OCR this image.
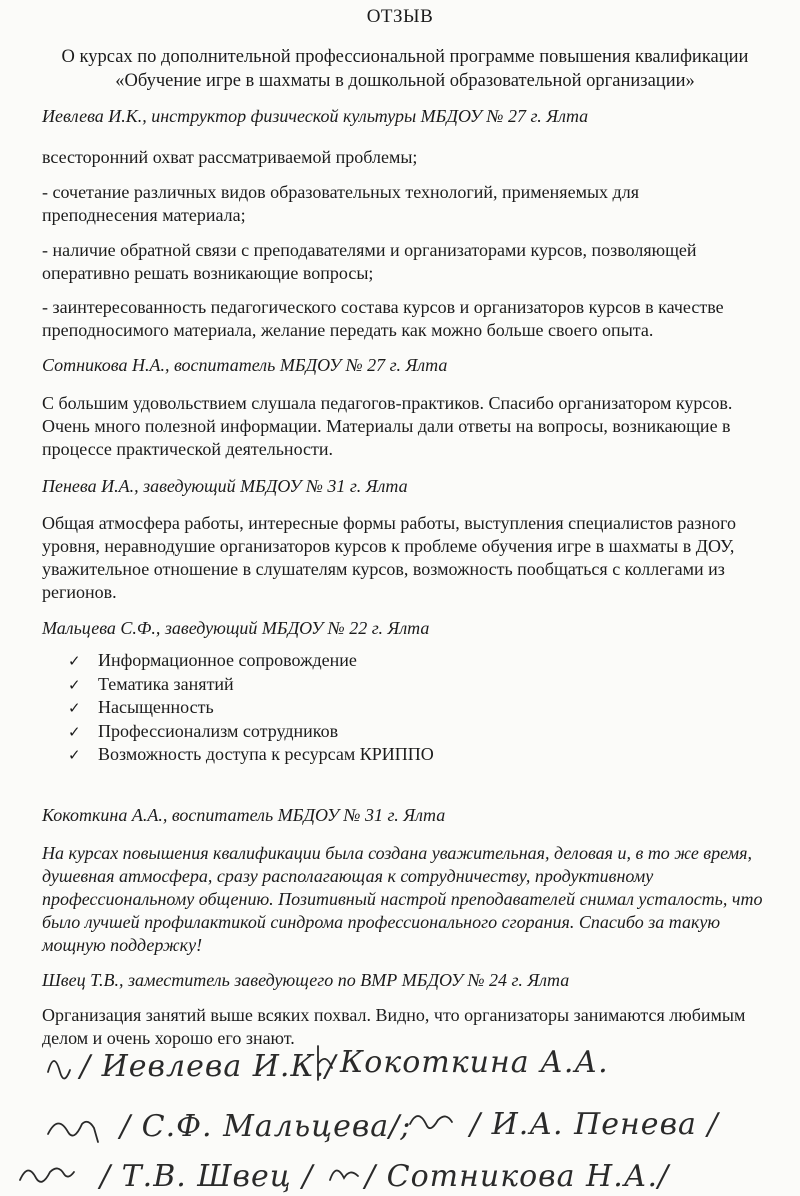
ОТЗЫВ
О курсах по дополнительной профессиональной программе повышения квалификации
«Обучение игре в шахматы в дошкольной образовательной организации»
Иевлева И.К., инструктор физической культуры МБДОУ № 27 г. Ялта
всесторонний охват рассматриваемой проблемы;
- сочетание различных видов образовательных технологий, применяемых для преподнесения материала;
- наличие обратной связи с преподавателями и организаторами курсов, позволяющей оперативно решать возникающие вопросы;
- заинтересованность педагогического состава курсов и организаторов курсов в качестве преподносимого материала, желание передать как можно больше своего опыта.
Сотникова Н.А., воспитатель МБДОУ № 27 г. Ялта
С большим удовольствием слушала педагогов-практиков. Спасибо организатором курсов. Очень много полезной информации. Материалы дали ответы на вопросы, возникающие в процессе практической деятельности.
Пенева И.А., заведующий МБДОУ № 31 г. Ялта
Общая атмосфера работы, интересные формы работы, выступления специалистов разного уровня, неравнодушие организаторов курсов к проблеме обучения игре в шахматы в ДОУ, уважительное отношение в слушателям курсов, возможность пообщаться с коллегами из регионов.
Мальцева С.Ф., заведующий МБДОУ № 22 г. Ялта
✓ Информационное сопровождение
✓ Тематика занятий
✓ Насыщенность
✓ Профессионализм сотрудников
✓ Возможность доступа к ресурсам КРИППО
Кокоткина А.А., воспитатель МБДОУ № 31 г. Ялта
На курсах повышения квалификации была создана уважительная, деловая и, в то же время, душевная атмосфера, сразу располагающая к сотрудничеству, продуктивному профессиональному общению. Позитивный настрой преподавателей снимал усталость, что было лучшей профилактикой синдрома профессионального сгорания. Спасибо за такую мощную поддержку!
Швец Т.В., заместитель заведующего по ВМР МБДОУ № 24 г. Ялта
Организация занятий выше всяких похвал. Видно, что организаторы занимаются любимым делом и очень хорошо его знают.
/ Иевлева И.К./ Кокоткина А.А.
/ С.Ф. Мальцева/; / И.А. Пенева /
/ Т.В. Швец / / Сотникова Н.А./
